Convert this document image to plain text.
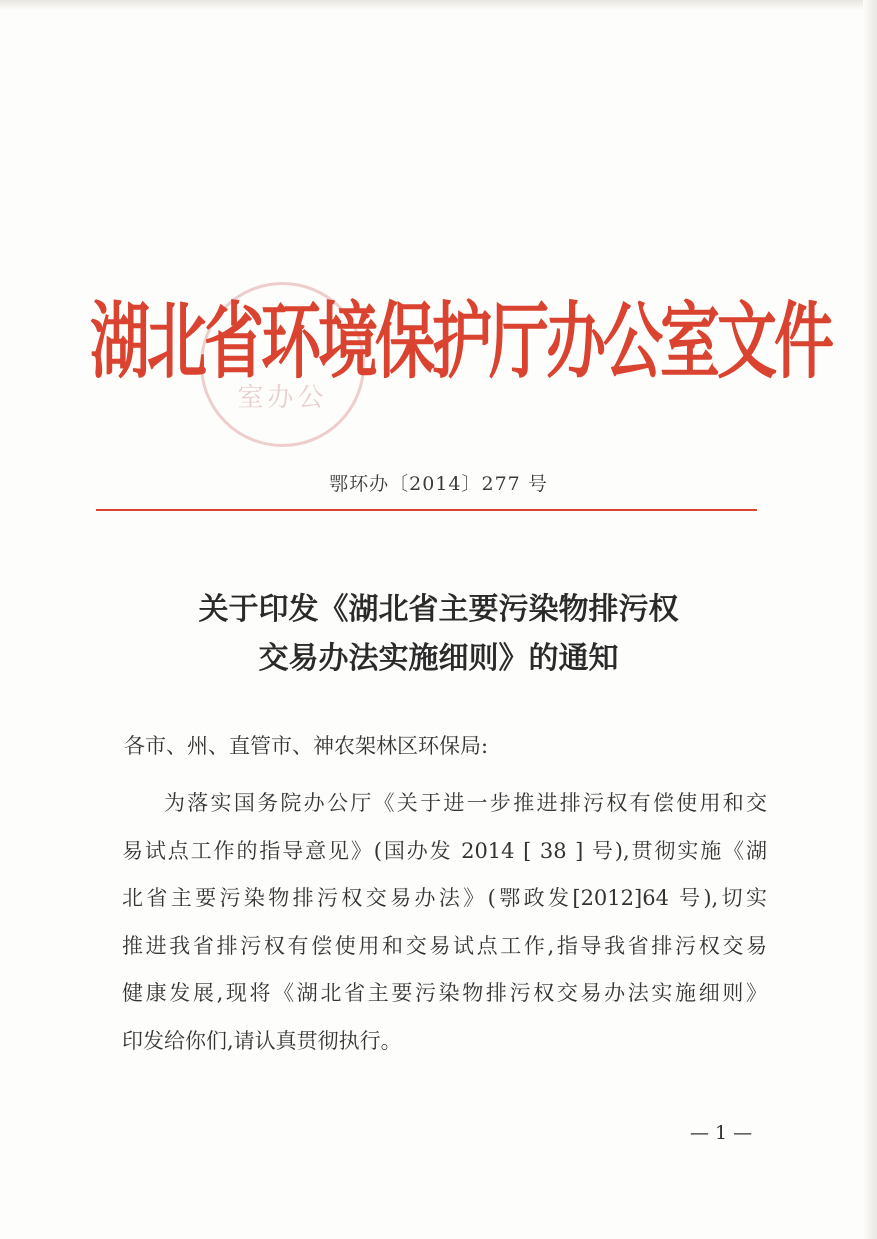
室办公
湖北省环境保护厅办公室文件
鄂环办〔2014〕277 号
关于印发《湖北省主要污染物排污权
交易办法实施细则》的通知
各市、州、直管市、神农架林区环保局:
为落实国务院办公厅《关于进一步推进排污权有偿使用和交
易试点工作的指导意见》(国办发 2014 [ 38 ] 号),贯彻实施《湖
北省主要污染物排污权交易办法》(鄂政发[2012]64 号),切实
推进我省排污权有偿使用和交易试点工作,指导我省排污权交易
健康发展,现将《湖北省主要污染物排污权交易办法实施细则》
印发给你们,请认真贯彻执行。
— 1 —
